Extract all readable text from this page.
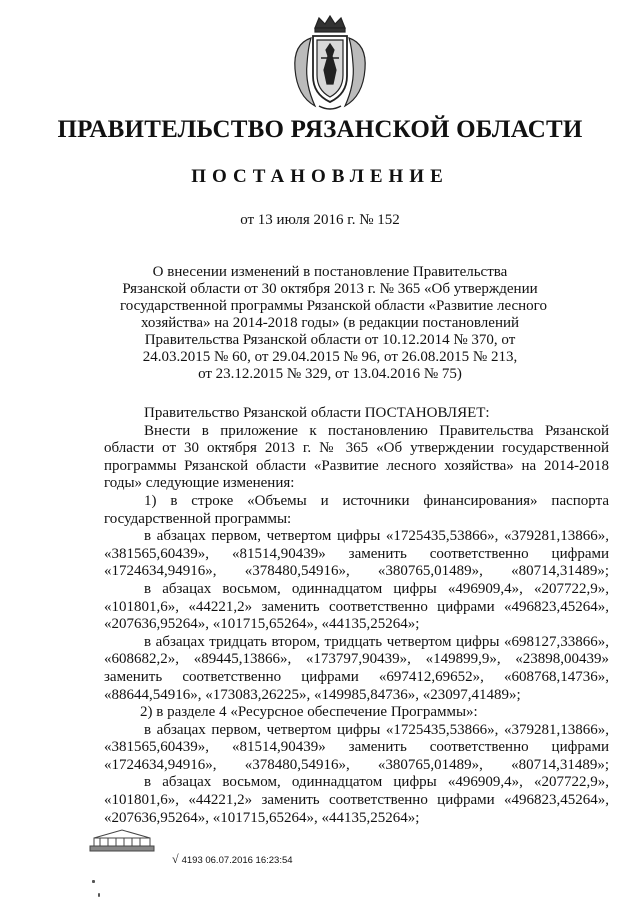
ПРАВИТЕЛЬСТВО РЯЗАНСКОЙ ОБЛАСТИ
ПОСТАНОВЛЕНИЕ
от 13 июля 2016 г. № 152
О внесении изменений в постановление Правительства
Рязанской области от 30 октября 2013 г. № 365 «Об утверждении
государственной программы Рязанской области «Развитие лесного
хозяйства» на 2014-2018 годы» (в редакции постановлений
Правительства Рязанской области от 10.12.2014 № 370, от
24.03.2015 № 60, от 29.04.2015 № 96, от 26.08.2015 № 213,
от 23.12.2015 № 329, от 13.04.2016 № 75)
Правительство Рязанской области ПОСТАНОВЛЯЕТ:
Внести в приложение к постановлению Правительства Рязанской
области от 30 октября 2013 г. № 365 «Об утверждении государственной
программы Рязанской области «Развитие лесного хозяйства» на 2014-2018
годы» следующие изменения:
1) в строке «Объемы и источники финансирования» паспорта
государственной программы:
в абзацах первом, четвертом цифры «1725435,53866», «379281,13866»,
«381565,60439», «81514,90439» заменить соответственно цифрами
«1724634,94916», «378480,54916», «380765,01489», «80714,31489»;
в абзацах восьмом, одиннадцатом цифры «496909,4», «207722,9»,
«101801,6», «44221,2» заменить соответственно цифрами «496823,45264»,
«207636,95264», «101715,65264», «44135,25264»;
в абзацах тридцать втором, тридцать четвертом цифры «698127,33866»,
«608682,2», «89445,13866», «173797,90439», «149899,9», «23898,00439»
заменить соответственно цифрами «697412,69652», «608768,14736»,
«88644,54916», «173083,26225», «149985,84736», «23097,41489»;
2) в разделе 4 «Ресурсное обеспечение Программы»:
в абзацах первом, четвертом цифры «1725435,53866», «379281,13866»,
«381565,60439», «81514,90439» заменить соответственно цифрами
«1724634,94916», «378480,54916», «380765,01489», «80714,31489»;
в абзацах восьмом, одиннадцатом цифры «496909,4», «207722,9»,
«101801,6», «44221,2» заменить соответственно цифрами «496823,45264»,
«207636,95264», «101715,65264», «44135,25264»;
√ 4193 06.07.2016 16:23:54
